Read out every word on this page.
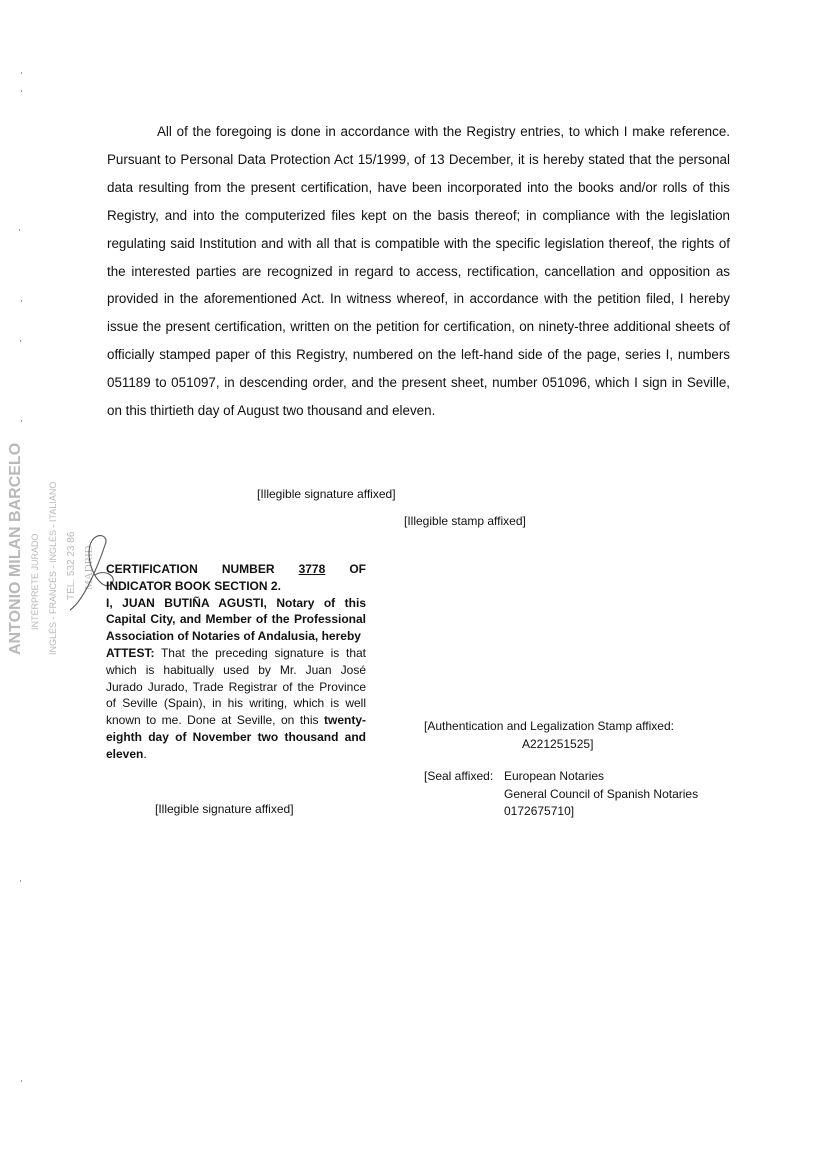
All of the foregoing is done in accordance with the Registry entries, to which I make reference. Pursuant to Personal Data Protection Act 15/1999, of 13 December, it is hereby stated that the personal data resulting from the present certification, have been incorporated into the books and/or rolls of this Registry, and into the computerized files kept on the basis thereof; in compliance with the legislation regulating said Institution and with all that is compatible with the specific legislation thereof, the rights of the interested parties are recognized in regard to access, rectification, cancellation and opposition as provided in the aforementioned Act. In witness whereof, in accordance with the petition filed, I hereby issue the present certification, written on the petition for certification, on ninety-three additional sheets of officially stamped paper of this Registry, numbered on the left-hand side of the page, series I, numbers 051189 to 051097, in descending order, and the present sheet, number 051096, which I sign in Seville, on this thirtieth day of August two thousand and eleven.

[Illegible signature affixed]
[Illegible stamp affixed]
ANTONIO MILAN BARCELO INTÉRPRETE JURADO INGLÉS - FRANCÉS - INGLÉS - ITALIANO TEL. 532 23 86 MADRID CERTIFICATION NUMBER 3778 OF INDICATOR BOOK SECTION 2.

I, JUAN BUTIÑA AGUSTI, Notary of this Capital City, and Member of the Professional Association of Notaries of Andalusia, hereby

ATTEST: That the preceding signature is that which is habitually used by Mr. Juan José Jurado Jurado, Trade Registrar of the Province of Seville (Spain), in his writing, which is well known to me. Done at Seville, on this twenty-eighth day of November two thousand and eleven.

[Illegible signature affixed]
[Authentication and Legalization Stamp affixed:
A221251525]
[Seal affixed: European Notaries
General Council of Spanish Notaries
0172675710]
